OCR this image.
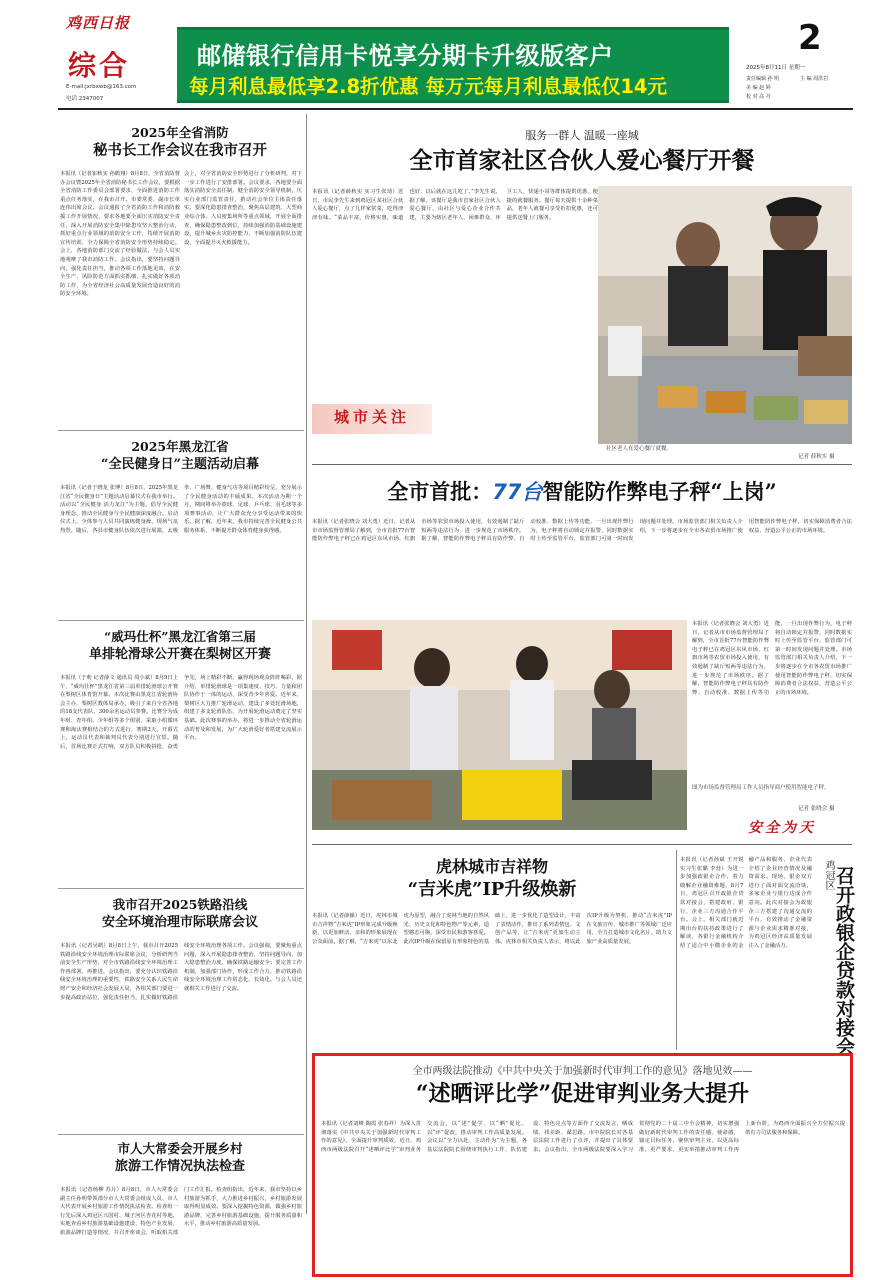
鸡西日报
综合
E-mail:jxrbxwb@163.com
电话 2347007
邮储银行信用卡悦享分期卡升级版客户
每月利息最低享2.8折优惠 每万元每月利息最低仅14元
2
2025年8月11日 星期一
责任编辑 孙 明
美 编 赵 婷
校 对 高 丹
主 编 周洪岩
2025年全省消防
秘书长工作会议在我市召开
本报讯（记者崔秋实 孙鹤翔）8月8日，全省消防督办会议暨2025年全省消防秘书长工作会议，要根据全省消防工作委员会部署要求，全面推进消防工作重点任务落实，在我市召开。市委常委、副市长单连伟出席会议。会议通报了全省消防工作和消防救援工作开展情况，要求各地要全面压实消防安全责任，深入开展消防安全集中除患攻坚大整治行动，抓好重点行业领域的消防安全工作，持续开展消防宣传培训，全力保障全省消防安全形势持续稳定。会上，各地消防部门交流了经验做法。与会人员实地观摩了我市消防工作。会议指出，要坚持问题导向，强化责任担当，推动各项工作落地见效，在安全生产、风险防范方面抓实抓细，扎实做好各项消防工作，为全省经济社会高质量发展营造良好的消防安全环境。
会上，对全省消防安全形势进行了分析研判，对下一步工作进行了安排部署。会议要求，各地要全面落实消防安全责任制，健全消防安全领导机制，压实行业部门监管责任，推动社会单位主体责任落实。要深化隐患排查整治，聚焦高层建筑、大型商业综合体、人员密集场所等重点领域，开展全面排查，确保隐患整改到位，持续加强消防基础设施建设，提升城乡火灾防控能力，不断加强消防队伍建设，全面提升灭火救援能力。
2025年黑龙江省
“全民健身日”主题活动启幕
本报讯（记者于晓龙 张博）8月8日，2025年黑龙江省“全民健身日”主题活动启幕仪式在我市举行。活动以“全民健身 活力龙江”为主题，倡导全民健身理念，推动全民健身与全民健康深度融合。启动仪式上，全体参与人员共同演练健身操，现场气氛热烈。随后，各县市健身队伍依次进行展演，太极拳、广场舞、健身气功等项目精彩纷呈，充分展示了全民健身活动的丰硕成果。本次活动为期一个月，期间将举办篮球、足球、乒乓球、羽毛球等多项赛事活动，让广大群众充分享受运动带来的快乐。据了解，近年来，我市持续完善全民健身公共服务体系，不断提升群众体育健身获得感。
“威玛仕杯”黑龙江省第三届
单排轮滑球公开赛在梨树区开赛
本报讯（于莉 记者薛文 通讯员 周小斌）8月9日上午，“威玛仕杯”黑龙江省第三届单排轮滑球公开赛在梨树区体育馆开幕。本次比赛由黑龙江省轮滑协会主办，梨树区教体局承办，吸引了来自全省各地的18支代表队、300余名运动员参赛。比赛分为成年组、青年组、少年组等多个组别，采取小组循环赛和淘汰赛相结合的方式进行，赛期3天。开幕式上，运动员代表和裁判员代表分别进行宣誓。随后，首场比赛正式打响，双方队员积极拼抢，奋勇争先，场上精彩不断，赢得现场观众阵阵喝彩。据介绍，单排轮滑球是一项集速度、技巧、力量和团队协作于一体的运动，深受青少年喜爱。近年来，梨树区大力推广轮滑运动，建设了多处轮滑场地，组建了多支轮滑队伍，为开展轮滑运动奠定了坚实基础。此次赛事的举办，将进一步推动全省轮滑运动的普及和发展，为广大轮滑爱好者搭建交流展示平台。
我市召开2025铁路沿线
安全环境治理市际联席会议
本报讯（记者吴鹤）8月8日上午，我市召开2025铁路沿线安全环境治理市际联席会议，分析研判当前安全生产形势，对全市铁路沿线安全环境治理工作再部署、再推进。会议指出，要充分认识铁路沿线安全环境治理的重要性，铁路安全关系人民生命财产安全和经济社会发展大局，各相关部门要进一步提高政治站位，强化责任担当，扎实做好铁路沿线安全环境治理各项工作。会议强调，要聚焦重点问题，深入开展隐患排查整治，坚持问题导向，加大隐患整治力度，确保铁路运输安全；要完善工作机制，加强部门协作，形成工作合力，推动铁路沿线安全环境治理工作常态化、长效化。与会人员还就相关工作进行了交流。
市人大常委会开展乡村
旅游工作情况执法检查
本报讯（记者杨柳 苏月）8月8日，市人大常委会副主任孙明带领部分市人大常委会组成人员、市人大代表开展乡村旅游工作情况执法检查。检查组一行先后深入鸡冠区兴国村、城子河区杏花村等地，实地查看乡村旅游基础设施建设、特色产业发展、旅游品牌打造等情况，并召开座谈会，听取相关部门工作汇报。检查组指出，近年来，我市坚持以乡村旅游为抓手，大力推进乡村振兴，乡村旅游发展取得明显成效。要深入挖掘特色资源，做强乡村旅游品牌，完善乡村旅游基础设施，提升服务质量和水平，推动乡村旅游高质量发展。
服务一群人 温暖一座城
全市首家社区合伙人爱心餐厅开餐
本报讯（记者薛秋实 实习生张琦）近日，市民李先生来到鸡冠区某社区合伙人爱心餐厅，点了几样家常菜，吃得津津有味。“菜品丰富，价格实惠，味道也好，以后就在这儿吃了。”李先生说。据了解，该餐厅是我市首家社区合伙人爱心餐厅，由社区与爱心企业合作共建，主要为辖区老年人、困难群众、环卫工人、快递小哥等群体提供优惠、便捷的就餐服务。餐厅每天提供十余种菜品，老年人就餐可享受折扣优惠，还可提供送餐上门服务。
城市关注
社区老人在爱心餐厅就餐。
记者 薛秋实 摄
全市首批：77台智能防作弊电子秤“上岗”
本报讯（记者张晓会 刘大勇）近日，记者从市市场监督管理局了解到，全市首批77台智能防作弊电子秤已在鸡冠区东风市场、红旗市场等农贸市场投入使用，有效遏制了缺斤短两等违法行为，进一步规范了市场秩序。据了解，智能防作弊电子秤具有防作弊、自动校准、数据上传等功能，一旦出现作弊行为，电子秤将自动锁定并报警，同时数据实时上传至监管平台，监管部门可第一时间发现问题并处理。市场监管部门相关负责人介绍，下一步将逐步在全市各农贸市场推广使用智能防作弊电子秤，切实保障消费者合法权益，营造公平公正的市场环境。
本报讯（记者张晓会 刘大勇）近日，记者从市市场监督管理局了解到，全市首批77台智能防作弊电子秤已在鸡冠区东风市场、红旗市场等农贸市场投入使用，有效遏制了缺斤短两等违法行为，进一步规范了市场秩序。据了解，智能防作弊电子秤具有防作弊、自动校准、数据上传等功能，一旦出现作弊行为，电子秤将自动锁定并报警，同时数据实时上传至监管平台，监管部门可第一时间发现问题并处理。市场监管部门相关负责人介绍，下一步将逐步在全市各农贸市场推广使用智能防作弊电子秤，切实保障消费者合法权益，营造公平公正的市场环境。
图为市场监督管理局工作人员指导商户使用智能电子秤。
记者 张晓会 摄
安全为天
虎林城市吉祥物
“吉米虎”IP升级焕新
本报讯（记者薛颖）近日，虎林市城市吉祥物“吉米虎”IP形象完成升级焕新，以更加鲜活、亲和的形象展现在公众面前。据了解，“吉米虎”以东北虎为原型，融合了虎林当地的自然风光、历史文化和特色物产等元素，造型憨态可掬，深受市民和游客喜爱。此次IP升级在保留原有形象特色的基础上，进一步优化了造型设计，丰富了表情动作，推出了系列表情包、文创产品等，让“吉米虎”更加生动立体。虎林市相关负责人表示，将以此次IP升级为契机，推动“吉米虎”IP在文旅宣传、城市推广等领域广泛应用，全力打造城市文化名片，助力文旅产业高质量发展。
本报讯（记者孙斌 王开锐 实习生张璐 李营）为进一步加强政银企合作，着力破解企业融资难题，8月7日，鸡冠区召开政银企贷款对接会，搭建政府、银行、企业三方沟通合作平台。会上，相关部门就近期出台的扶持政策进行了解读，各银行金融机构介绍了适合中小微企业的金融产品和服务，企业代表介绍了企业经营情况及融资需求。现场，银企双方进行了面对面交流洽谈，多家企业与银行达成合作意向。此次对接会为政银企三方搭建了沟通交流的平台，有效推动了金融资源与企业需求精准对接，为鸡冠区经济高质量发展注入了金融活力。
鸡冠区 召开政银企贷款对接会
全市两级法院推动《中共中央关于加强新时代审判工作的意见》落地见效——
“述晒评比学”促进审判业务大提升
本报讯（记者刘峰 陶霞 张春祥）为深入贯彻落实《中共中央关于加强新时代审判工作的意见》，全面提升审判质效，近日，鸡西市两级法院召开“述晒评比学”审判业务交流会，以“述”促学、以“晒”促比、以“评”促改，推动审判工作高质量发展。会议以“全力以赴、主动作为”为主题，各基层法院院长围绕审判执行工作、队伍建设、特色亮点等方面作了交流发言，晒成绩、找差距、谋思路。市中院院长对各基层法院工作进行了点评，并提出了具体要求。会议指出，全市两级法院要深入学习贯彻党的二十届三中全会精神，切实增强做好新时代审判工作的责任感、使命感，锚定目标任务，聚焦审判主业，以更高标准、更严要求、更实举措推动审判工作再上新台阶，为鸡西全面振兴全方位振兴提供有力司法服务和保障。
